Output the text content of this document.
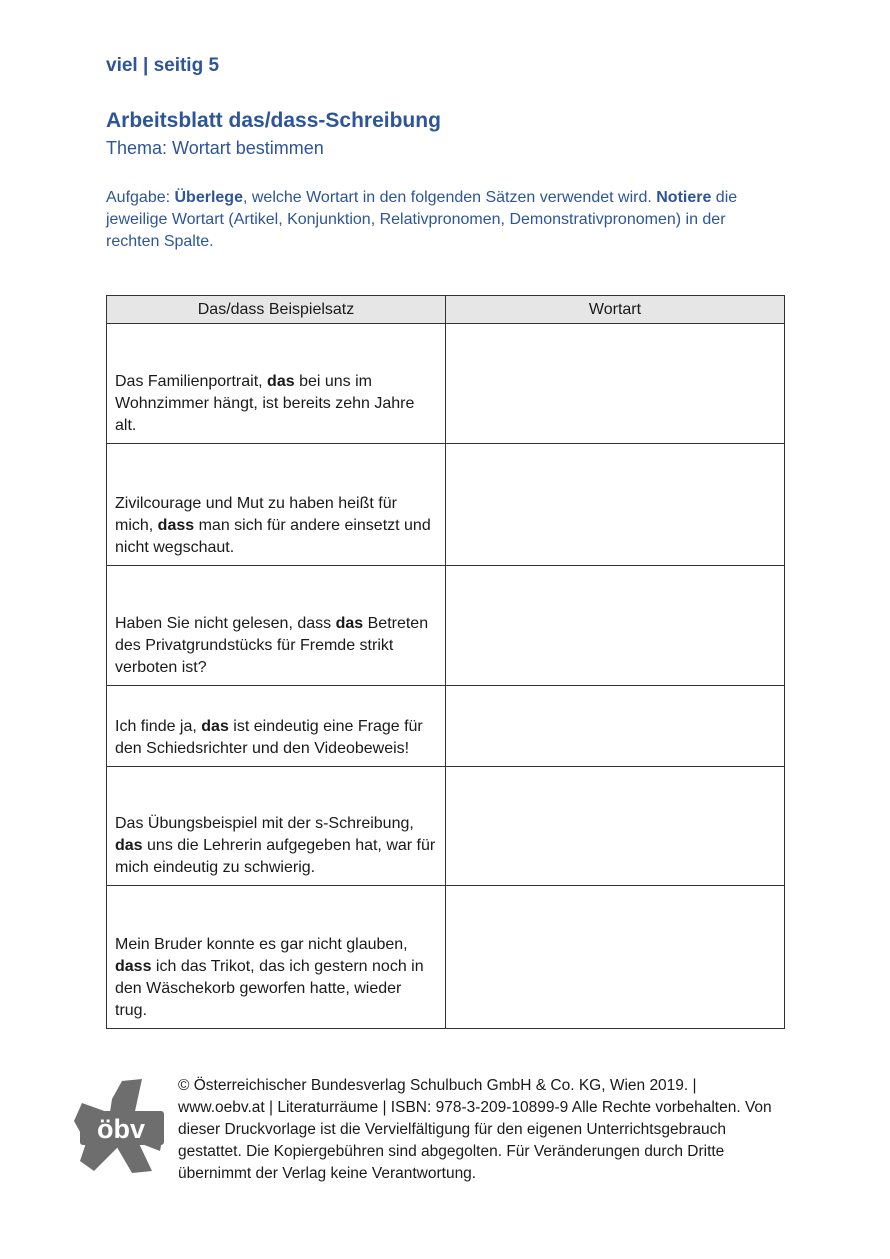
viel | seitig 5
Arbeitsblatt das/dass-Schreibung
Thema: Wortart bestimmen
Aufgabe: Überlege, welche Wortart in den folgenden Sätzen verwendet wird. Notiere die jeweilige Wortart (Artikel, Konjunktion, Relativpronomen, Demonstrativpronomen) in der rechten Spalte.
Das/dass Beispielsatz	Wortart
Das Familienportrait, das bei uns im Wohnzimmer hängt, ist bereits zehn Jahre alt.	
Zivilcourage und Mut zu haben heißt für mich, dass man sich für andere einsetzt und nicht wegschaut.	
Haben Sie nicht gelesen, dass das Betreten des Privatgrundstücks für Fremde strikt verboten ist?	
Ich finde ja, das ist eindeutig eine Frage für den Schiedsrichter und den Videobeweis!	
Das Übungsbeispiel mit der s-Schreibung, das uns die Lehrerin aufgegeben hat, war für mich eindeutig zu schwierig.	
Mein Bruder konnte es gar nicht glauben, dass ich das Trikot, das ich gestern noch in den Wäschekorb geworfen hatte, wieder trug.	
öbv
© Österreichischer Bundesverlag Schulbuch GmbH & Co. KG, Wien 2019. | www.oebv.at | Literaturräume | ISBN: 978-3-209-10899-9 Alle Rechte vorbehalten. Von dieser Druckvorlage ist die Vervielfältigung für den eigenen Unterrichtsgebrauch gestattet. Die Kopiergebühren sind abgegolten. Für Veränderungen durch Dritte übernimmt der Verlag keine Verantwortung.
